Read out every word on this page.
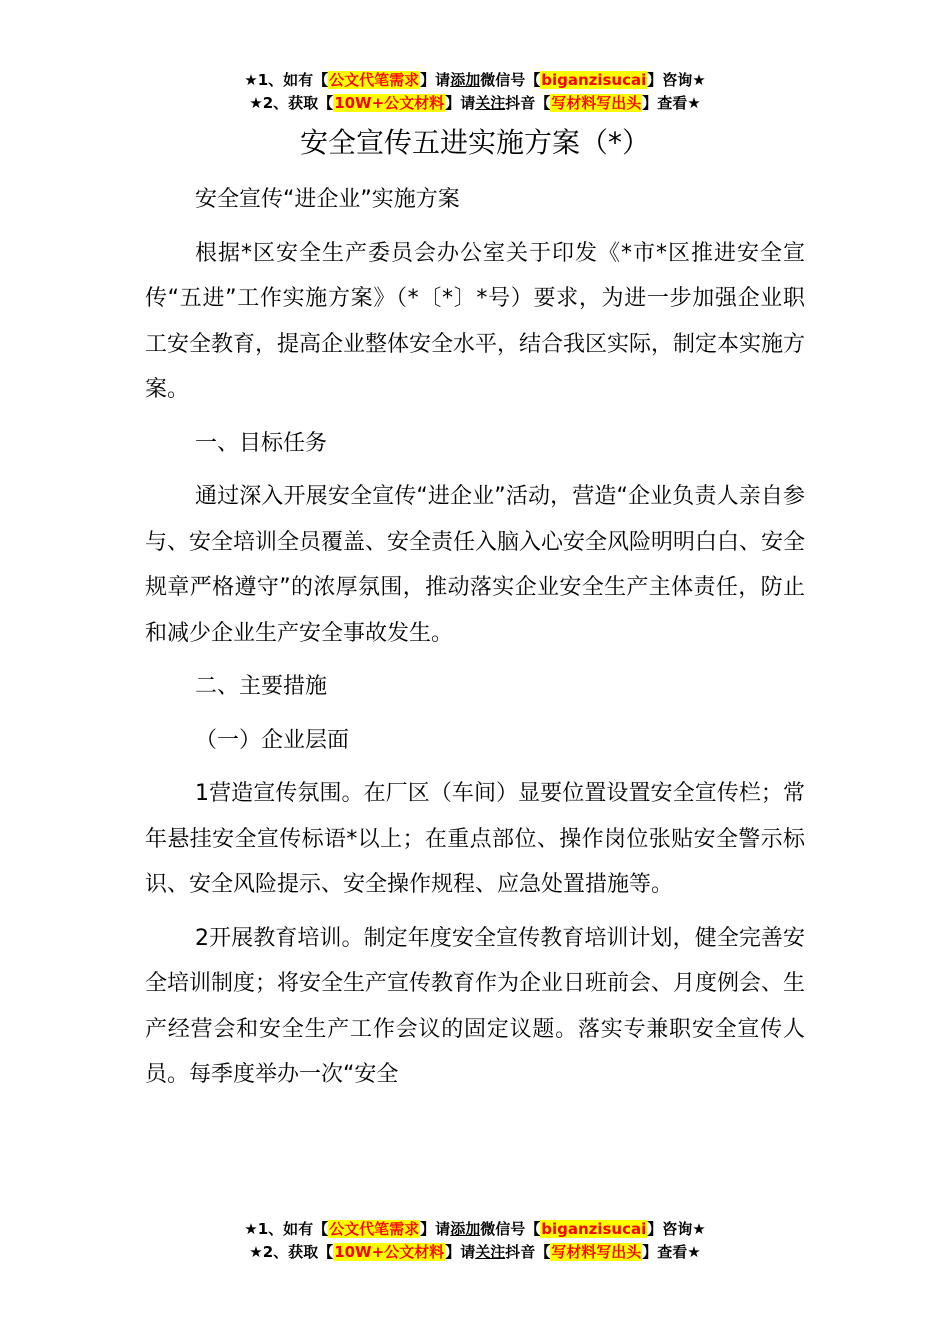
★1、如有【公文代笔需求】请添加微信号【biganzisucai】咨询★
★2、获取【10W+公文材料】请关注抖音【写材料写出头】查看★
安全宣传五进实施方案（*）

安全宣传“进企业”实施方案

根据*区安全生产委员会办公室关于印发《*市*区推进安全宣传“五进”工作实施方案》（*〔*〕*号）要求，为进一步加强企业职工安全教育，提高企业整体安全水平，结合我区实际，制定本实施方案。

一、目标任务

通过深入开展安全宣传“进企业”活动，营造“企业负责人亲自参与、安全培训全员覆盖、安全责任入脑入心安全风险明明白白、安全规章严格遵守”的浓厚氛围，推动落实企业安全生产主体责任，防止和减少企业生产安全事故发生。

二、主要措施

（一）企业层面

1营造宣传氛围。在厂区（车间）显要位置设置安全宣传栏；常年悬挂安全宣传标语*以上；在重点部位、操作岗位张贴安全警示标识、安全风险提示、安全操作规程、应急处置措施等。

2开展教育培训。制定年度安全宣传教育培训计划，健全完善安全培训制度；将安全生产宣传教育作为企业日班前会、月度例会、生产经营会和安全生产工作会议的固定议题。落实专兼职安全宣传人员。每季度举办一次“安全

★1、如有【公文代笔需求】请添加微信号【biganzisucai】咨询★
★2、获取【10W+公文材料】请关注抖音【写材料写出头】查看★
